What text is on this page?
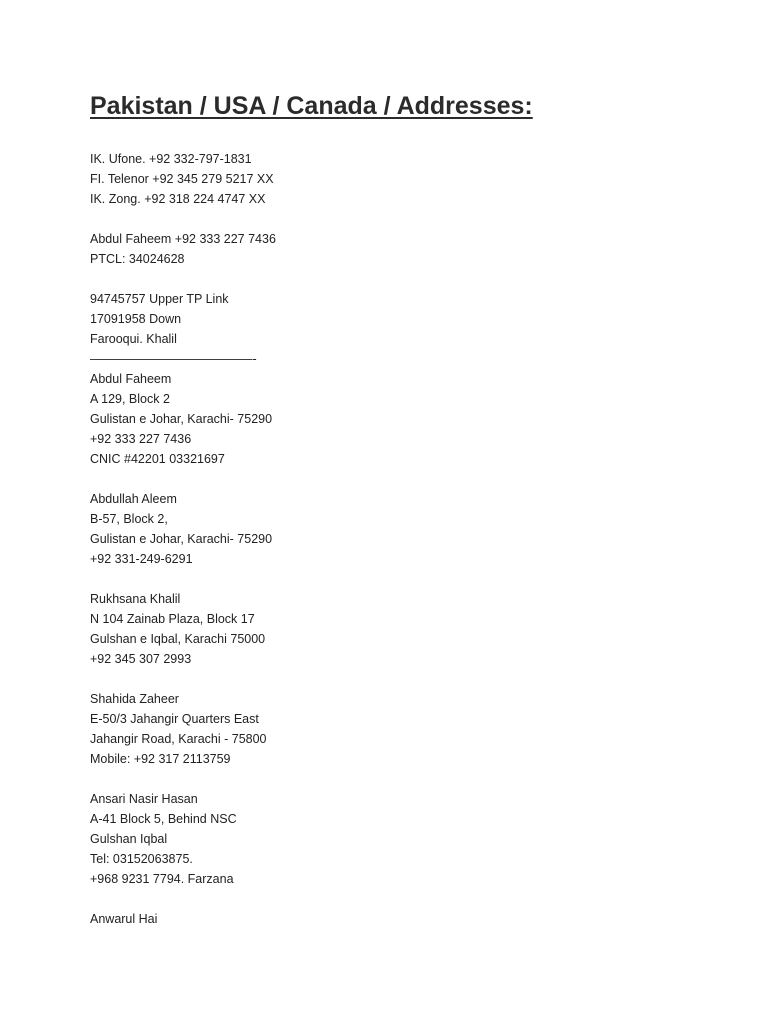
Pakistan / USA / Canada / Addresses:
IK. Ufone. +92 332-797-1831
FI. Telenor +92 345 279 5217 XX
IK. Zong. +92 318 224 4747 XX
Abdul Faheem +92 333 227 7436
PTCL: 34024628
94745757 Upper TP Link
17091958 Down
Farooqui. Khalil
—————————————-
Abdul Faheem
A 129, Block 2
Gulistan e Johar, Karachi- 75290
+92 333 227 7436
CNIC #42201 03321697
Abdullah Aleem
B-57, Block 2,
Gulistan e Johar, Karachi- 75290
+92 331-249-6291
Rukhsana Khalil
N 104 Zainab Plaza, Block 17
Gulshan e Iqbal, Karachi 75000
+92 345 307 2993
Shahida Zaheer
E-50/3 Jahangir Quarters East
Jahangir Road, Karachi - 75800
Mobile: +92 317 2113759
Ansari Nasir Hasan
A-41 Block 5, Behind NSC
Gulshan Iqbal
Tel: 03152063875.
+968 9231 7794. Farzana
Anwarul Hai
